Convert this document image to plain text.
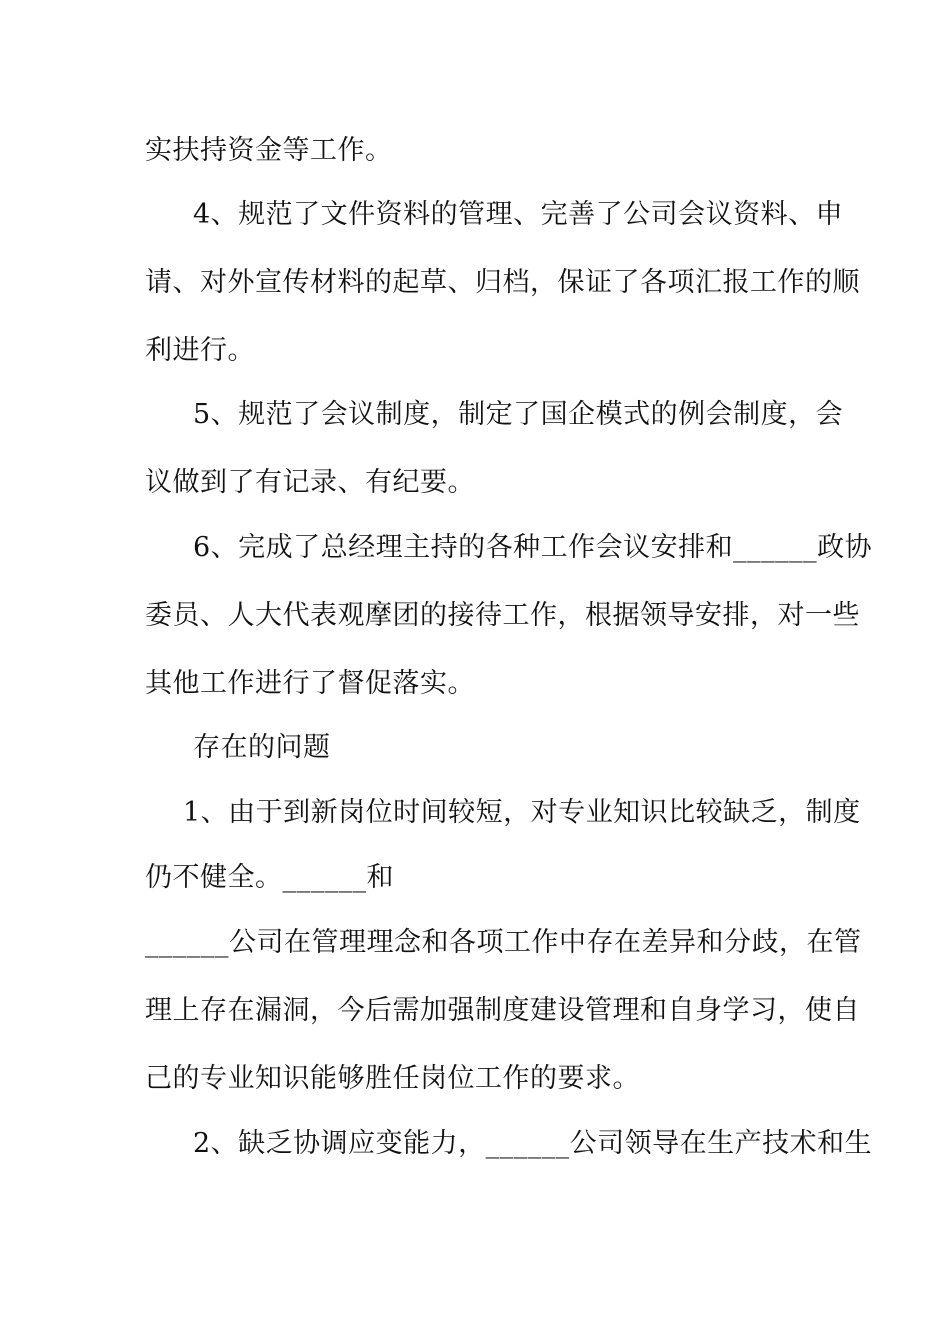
实扶持资金等工作。
4、规范了文件资料的管理、完善了公司会议资料、申
请、对外宣传材料的起草、归档，保证了各项汇报工作的顺
利进行。
5、规范了会议制度，制定了国企模式的例会制度，会
议做到了有记录、有纪要。
6、完成了总经理主持的各种工作会议安排和______政协
委员、人大代表观摩团的接待工作，根据领导安排，对一些
其他工作进行了督促落实。
存在的问题
1、由于到新岗位时间较短，对专业知识比较缺乏，制度
仍不健全。______和
______公司在管理理念和各项工作中存在差异和分歧，在管
理上存在漏洞，今后需加强制度建设管理和自身学习，使自
己的专业知识能够胜任岗位工作的要求。
2、缺乏协调应变能力，______公司领导在生产技术和生
